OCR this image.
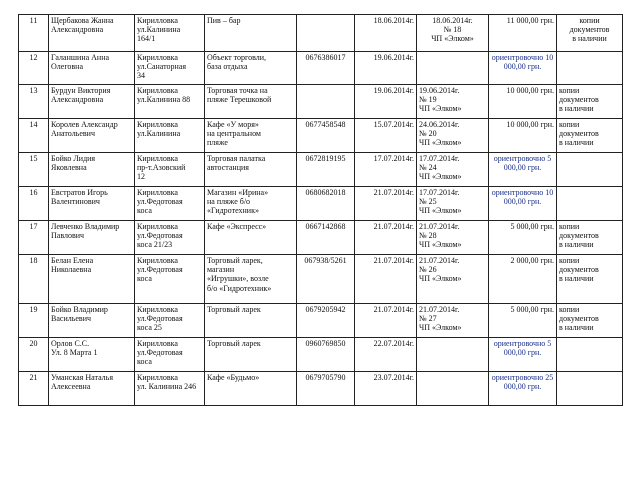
11	Щербакова Жанна
Александровна	Кирилловка
ул.Калинина
164/1	Пив – бар		18.06.2014г.	18.06.2014г.
№ 18
ЧП «Элком»	11 000,00 грн.	копии
документов
в наличии

12	Галаншина Анна
Олеговна	Кирилловка
ул.Санаторная
34	Объект торговли,
база отдыха	0676386017	19.06.2014г.		ориентровочно 10 000,00 грн.	
13	Бурдун Виктория
Александровна	Кирилловка
ул.Калинина 88	Торговая точка на
пляже Терешковой		19.06.2014г.	19.06.2014г.
№ 19
ЧП «Элком»	10 000,00 грн.	копии
документов
в наличии

14	Королев Александр
Анатольевич	Кирилловка
ул.Калинина	Кафе «У моря»
на центральном
пляже	0677458548	15.07.2014г.	24.06.2014г.
№ 20
ЧП «Элком»	10 000,00 грн.	копии
документов
в наличии

15	Бойко Лидия
Яковлевна	Кирилловка
пр-т.Азовский
12	Торговая палатка
автостанция	0672819195	17.07.2014г.	17.07.2014г.
№ 24
ЧП «Элком»	ориентровочно 5 000,00 грн.	
16	Евстратов Игорь
Валентинович	Кирилловка
ул.Федотовая
коса	Магазин «Ирина»
на пляже б/о
«Гидротехник»	0680682018	21.07.2014г.	17.07.2014г.
№ 25
ЧП «Элком»	ориентровочно 10 000,00 грн.	
17	Левченко Владимир
Павлович	Кирилловка
ул.Федотовая
коса 21/23	Кафе «Экспресс»	0667142868	21.07.2014г.	21.07.2014г.
№ 28
ЧП «Элком»	5 000,00 грн.	копии
документов
в наличии

18	Белан Елена
Николаевна	Кирилловка
ул.Федотовая
коса	Торговый ларек,
магазин
«Игрушки», возле
б/о «Гидротехник»	067938/5261	21.07.2014г.	21.07.2014г.
№ 26
ЧП «Элком»	2 000,00 грн.	копии
документов
в наличии

19	Бойко Владимир
Васильевич	Кирилловка
ул.Федотовая
коса 25	Торговый ларек	0679205942	21.07.2014г.	21.07.2014г.
№ 27
ЧП «Элком»	5 000,00 грн.	копии
документов
в наличии

20	Орлов С.С.
Ул. 8 Марта 1	Кирилловка
ул.Федотовая
коса	Торговый ларек	0960769850	22.07.2014г.		ориентровочно 5 000,00 грн.	
21	Уманская Наталья
Алексеевна	Кирилловка
ул. Калинина 246	Кафе «Будьмо»	0679705790	23.07.2014г.		ориентровочно 25 000,00 грн.	
